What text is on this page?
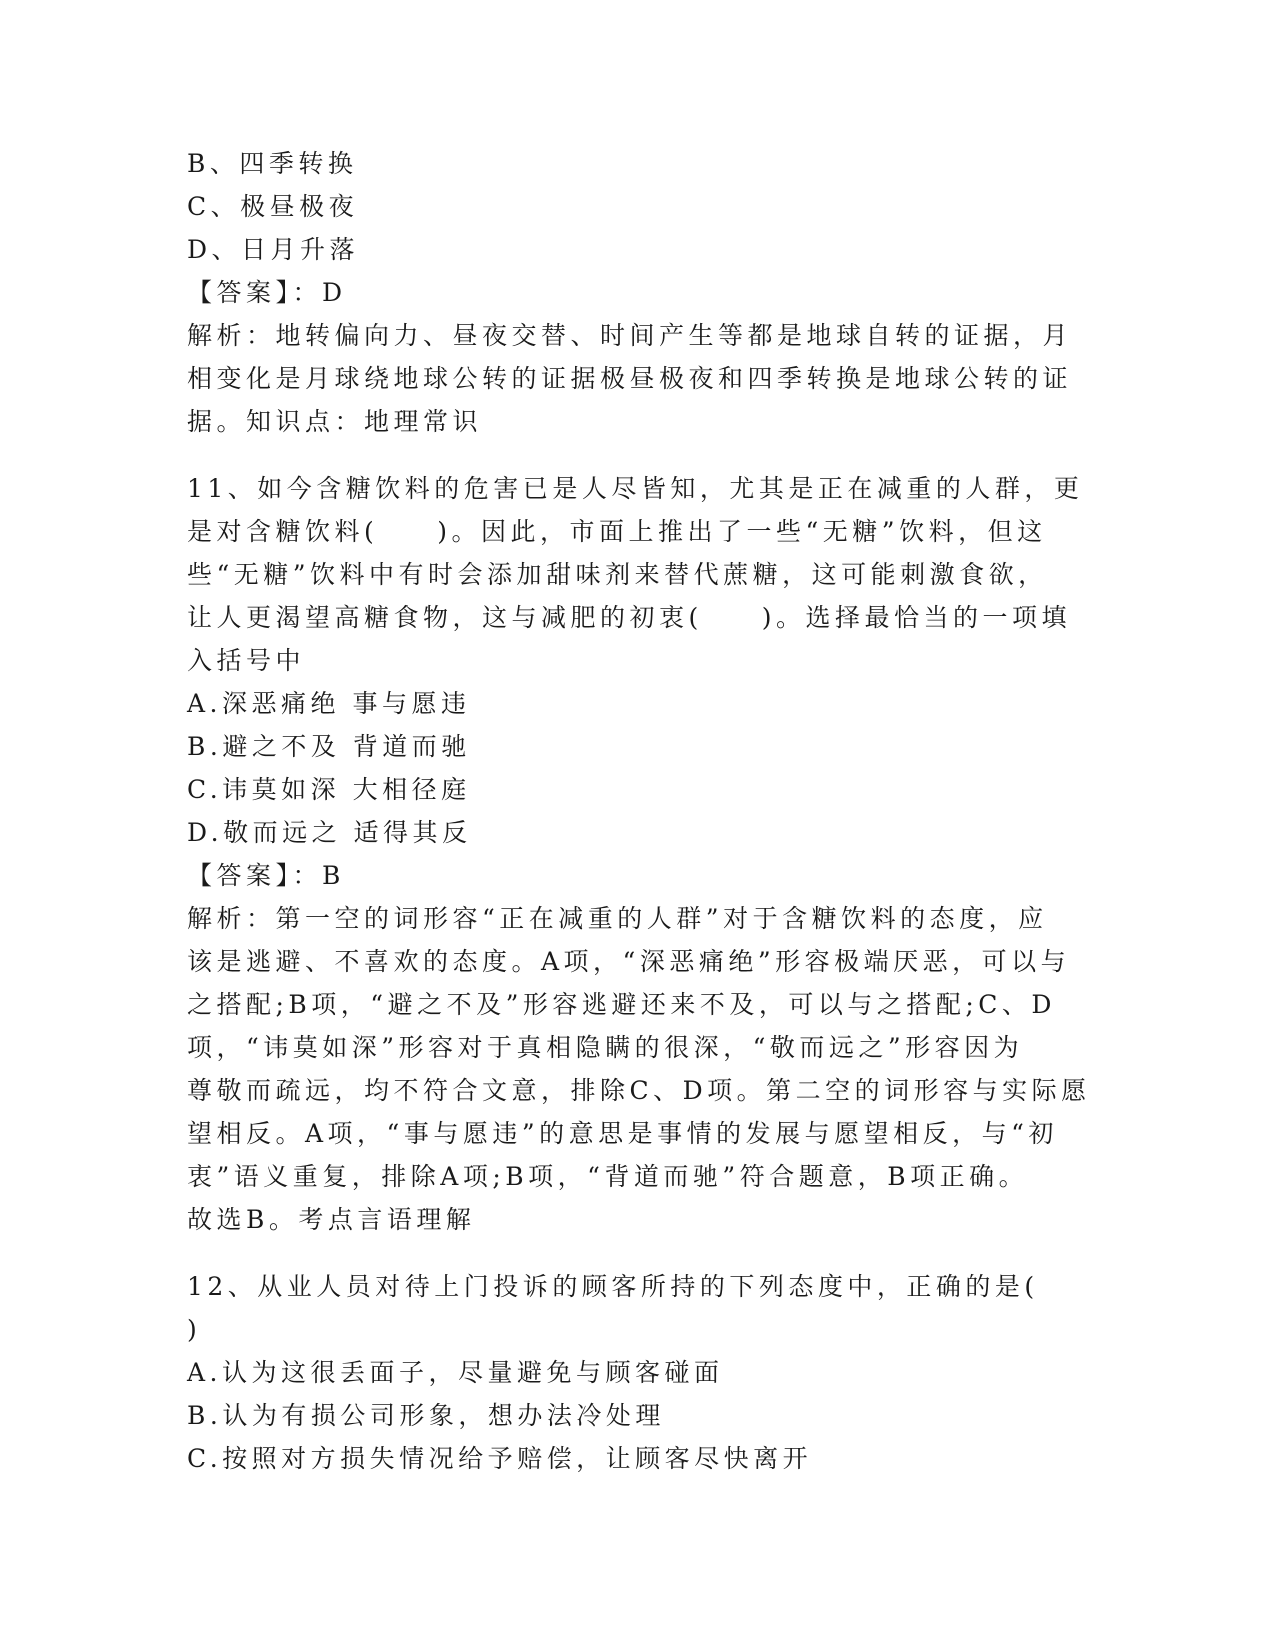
B、四季转换
C、极昼极夜
D、日月升落
【答案】：D
解析：地转偏向力、昼夜交替、时间产生等都是地球自转的证据，月
相变化是月球绕地球公转的证据极昼极夜和四季转换是地球公转的证
据。知识点：地理常识
11、如今含糖饮料的危害已是人尽皆知，尤其是正在减重的人群，更
是对含糖饮料(　　)。因此，市面上推出了一些“无糖”饮料，但这
些“无糖”饮料中有时会添加甜味剂来替代蔗糖，这可能刺激食欲，
让人更渴望高糖食物，这与减肥的初衷(　　)。选择最恰当的一项填
入括号中
A.深恶痛绝 事与愿违
B.避之不及 背道而驰
C.讳莫如深 大相径庭
D.敬而远之 适得其反
【答案】：B
解析：第一空的词形容“正在减重的人群”对于含糖饮料的态度，应
该是逃避、不喜欢的态度。A项，“深恶痛绝”形容极端厌恶，可以与
之搭配;B项，“避之不及”形容逃避还来不及，可以与之搭配;C、D
项，“讳莫如深”形容对于真相隐瞒的很深，“敬而远之”形容因为
尊敬而疏远，均不符合文意，排除C、D项。第二空的词形容与实际愿
望相反。A项，“事与愿违”的意思是事情的发展与愿望相反，与“初
衷”语义重复，排除A项;B项，“背道而驰”符合题意，B项正确。
故选B。考点言语理解
12、从业人员对待上门投诉的顾客所持的下列态度中，正确的是(
)
A.认为这很丢面子，尽量避免与顾客碰面
B.认为有损公司形象，想办法冷处理
C.按照对方损失情况给予赔偿，让顾客尽快离开
